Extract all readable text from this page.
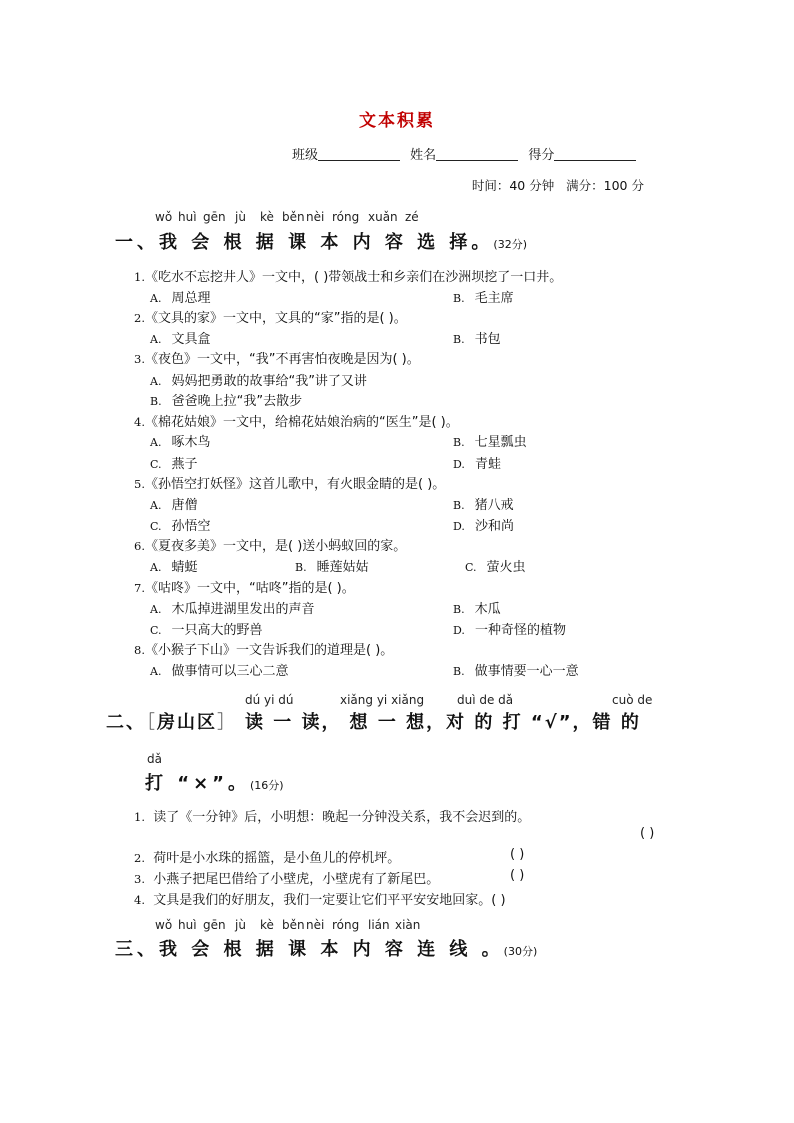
文本积累
班级	姓名	得分
时间：40 分钟 满分：100 分
wǒ huì gēn jù kè běn nèi róng xuǎn zé
一、我 会 根 据 课 本 内 容 选 择。(32分)
1.《吃水不忘挖井人》一文中，( )带领战士和乡亲们在沙洲坝挖了一口井。
A. 周总理	B. 毛主席
2.《文具的家》一文中，文具的“家”指的是( )。
A. 文具盒	B. 书包
3.《夜色》一文中，“我”不再害怕夜晚是因为( )。
A. 妈妈把勇敢的故事给“我”讲了又讲
B. 爸爸晚上拉“我”去散步
4.《棉花姑娘》一文中，给棉花姑娘治病的“医生”是( )。
A. 啄木鸟	B. 七星瓢虫
C. 燕子	D. 青蛙
5.《孙悟空打妖怪》这首儿歌中，有火眼金睛的是( )。
A. 唐僧	B. 猪八戒
C. 孙悟空	D. 沙和尚
6.《夏夜多美》一文中，是( )送小蚂蚁回的家。
A. 蜻蜓	B. 睡莲姑姑	C. 萤火虫
7.《咕咚》一文中，“咕咚”指的是( )。
A. 木瓜掉进湖里发出的声音	B. 木瓜
C. 一只高大的野兽	D. 一种奇怪的植物
8.《小猴子下山》一文告诉我们的道理是( )。
A. 做事情可以三心二意	B. 做事情要一心一意
dú yi dú	xiǎng yi xiǎng	duì de dǎ	cuò de
二、［房山区］ 读 一 读， 想 一 想，对 的 打 “√”，错 的
dǎ
打 “×”。(16分)
1. 读了《一分钟》后，小明想：晚起一分钟没关系，我不会迟到的。
( )
2. 荷叶是小水珠的摇篮，是小鱼儿的停机坪。	( )
3. 小燕子把尾巴借给了小壁虎，小壁虎有了新尾巴。	( )
4. 文具是我们的好朋友，我们一定要让它们平平安安地回家。( )
wǒ huì gēn jù kè běn nèi róng lián xiàn
三、我 会 根 据 课 本 内 容 连 线 。(30分)
